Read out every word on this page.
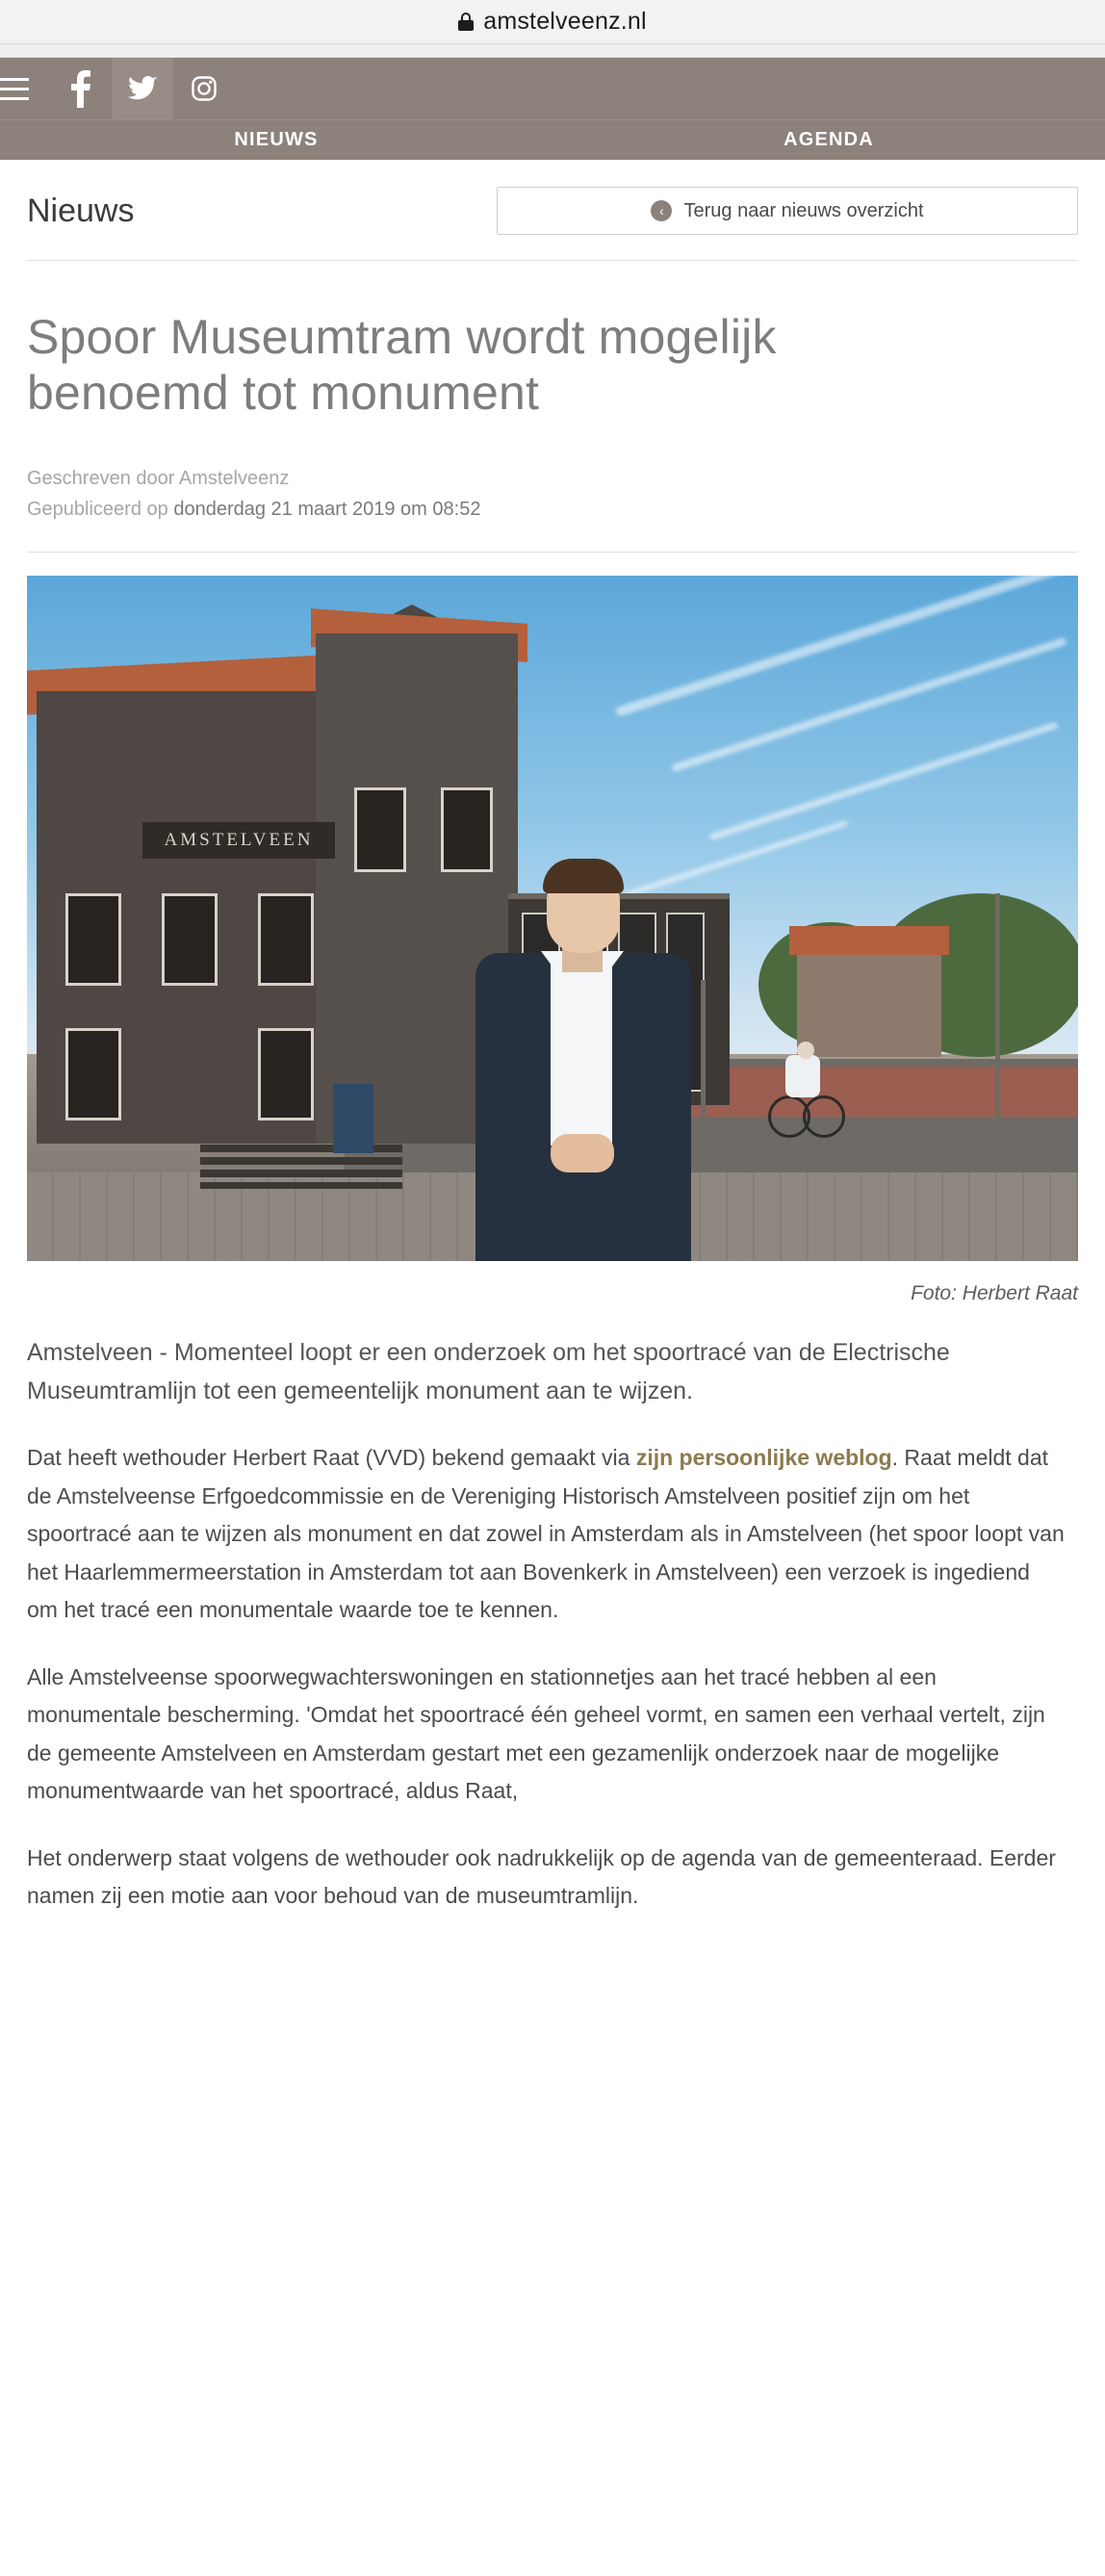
amstelveenz.nl
NIEUWS	AGENDA
Nieuws	‹	Terug naar nieuws overzicht
Spoor Museumtram wordt mogelijk benoemd tot monument
Geschreven door Amstelveenz
Gepubliceerd op donderdag 21 maart 2019 om 08:52
AMSTELVEEN
Foto: Herbert Raat
Amstelveen - Momenteel loopt er een onderzoek om het spoortracé van de Electrische Museumtramlijn tot een gemeentelijk monument aan te wijzen.
Dat heeft wethouder Herbert Raat (VVD) bekend gemaakt via zijn persoonlijke weblog. Raat meldt dat de Amstelveense Erfgoedcommissie en de Vereniging Historisch Amstelveen positief zijn om het spoortracé aan te wijzen als monument en dat zowel in Amsterdam als in Amstelveen (het spoor loopt van het Haarlemmermeerstation in Amsterdam tot aan Bovenkerk in Amstelveen) een verzoek is ingediend om het tracé een monumentale waarde toe te kennen.
Alle Amstelveense spoorwegwachterswoningen en stationnetjes aan het tracé hebben al een monumentale bescherming. 'Omdat het spoortracé één geheel vormt, en samen een verhaal vertelt, zijn de gemeente Amstelveen en Amsterdam gestart met een gezamenlijk onderzoek naar de mogelijke monumentwaarde van het spoortracé, aldus Raat,
Het onderwerp staat volgens de wethouder ook nadrukkelijk op de agenda van de gemeenteraad. Eerder namen zij een motie aan voor behoud van de museumtramlijn.
